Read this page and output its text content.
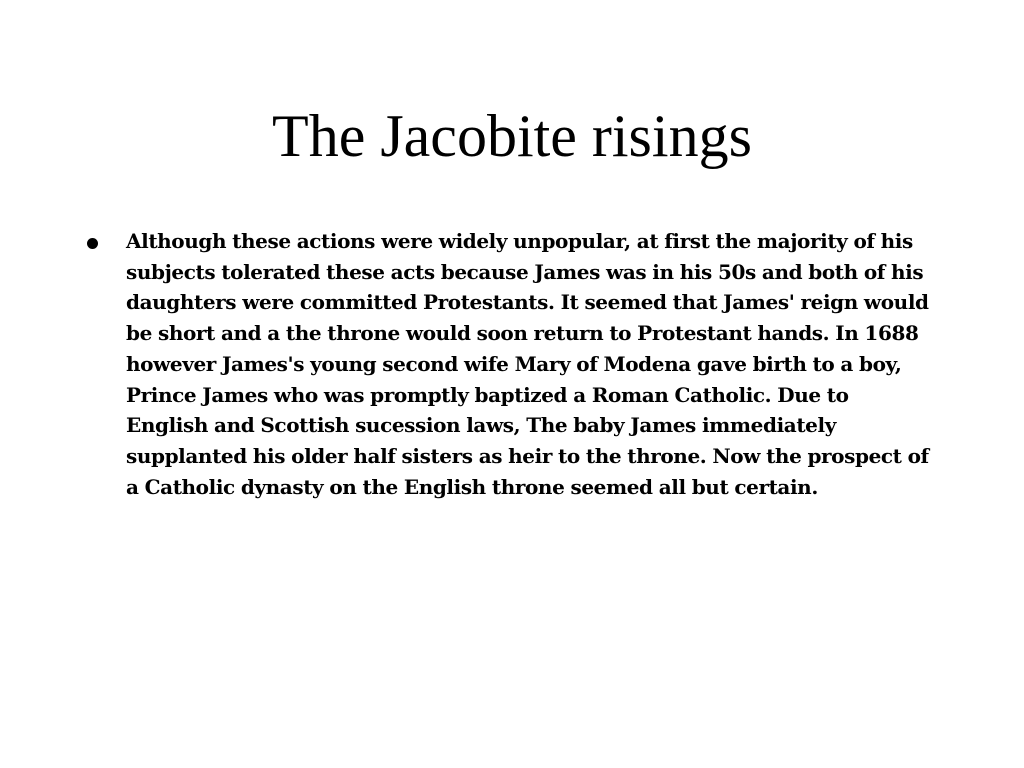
The Jacobite risings
Although these actions were widely unpopular, at first the majority of his subjects tolerated these acts because James was in his 50s and both of his daughters were committed Protestants. It seemed that James' reign would be short and a the throne would soon return to Protestant hands. In 1688 however James's young second wife Mary of Modena gave birth to a boy, Prince James who was promptly baptized a Roman Catholic. Due to English and Scottish sucession laws, The baby James immediately supplanted his older half sisters as heir to the throne. Now the prospect of a Catholic dynasty on the English throne seemed all but certain.
